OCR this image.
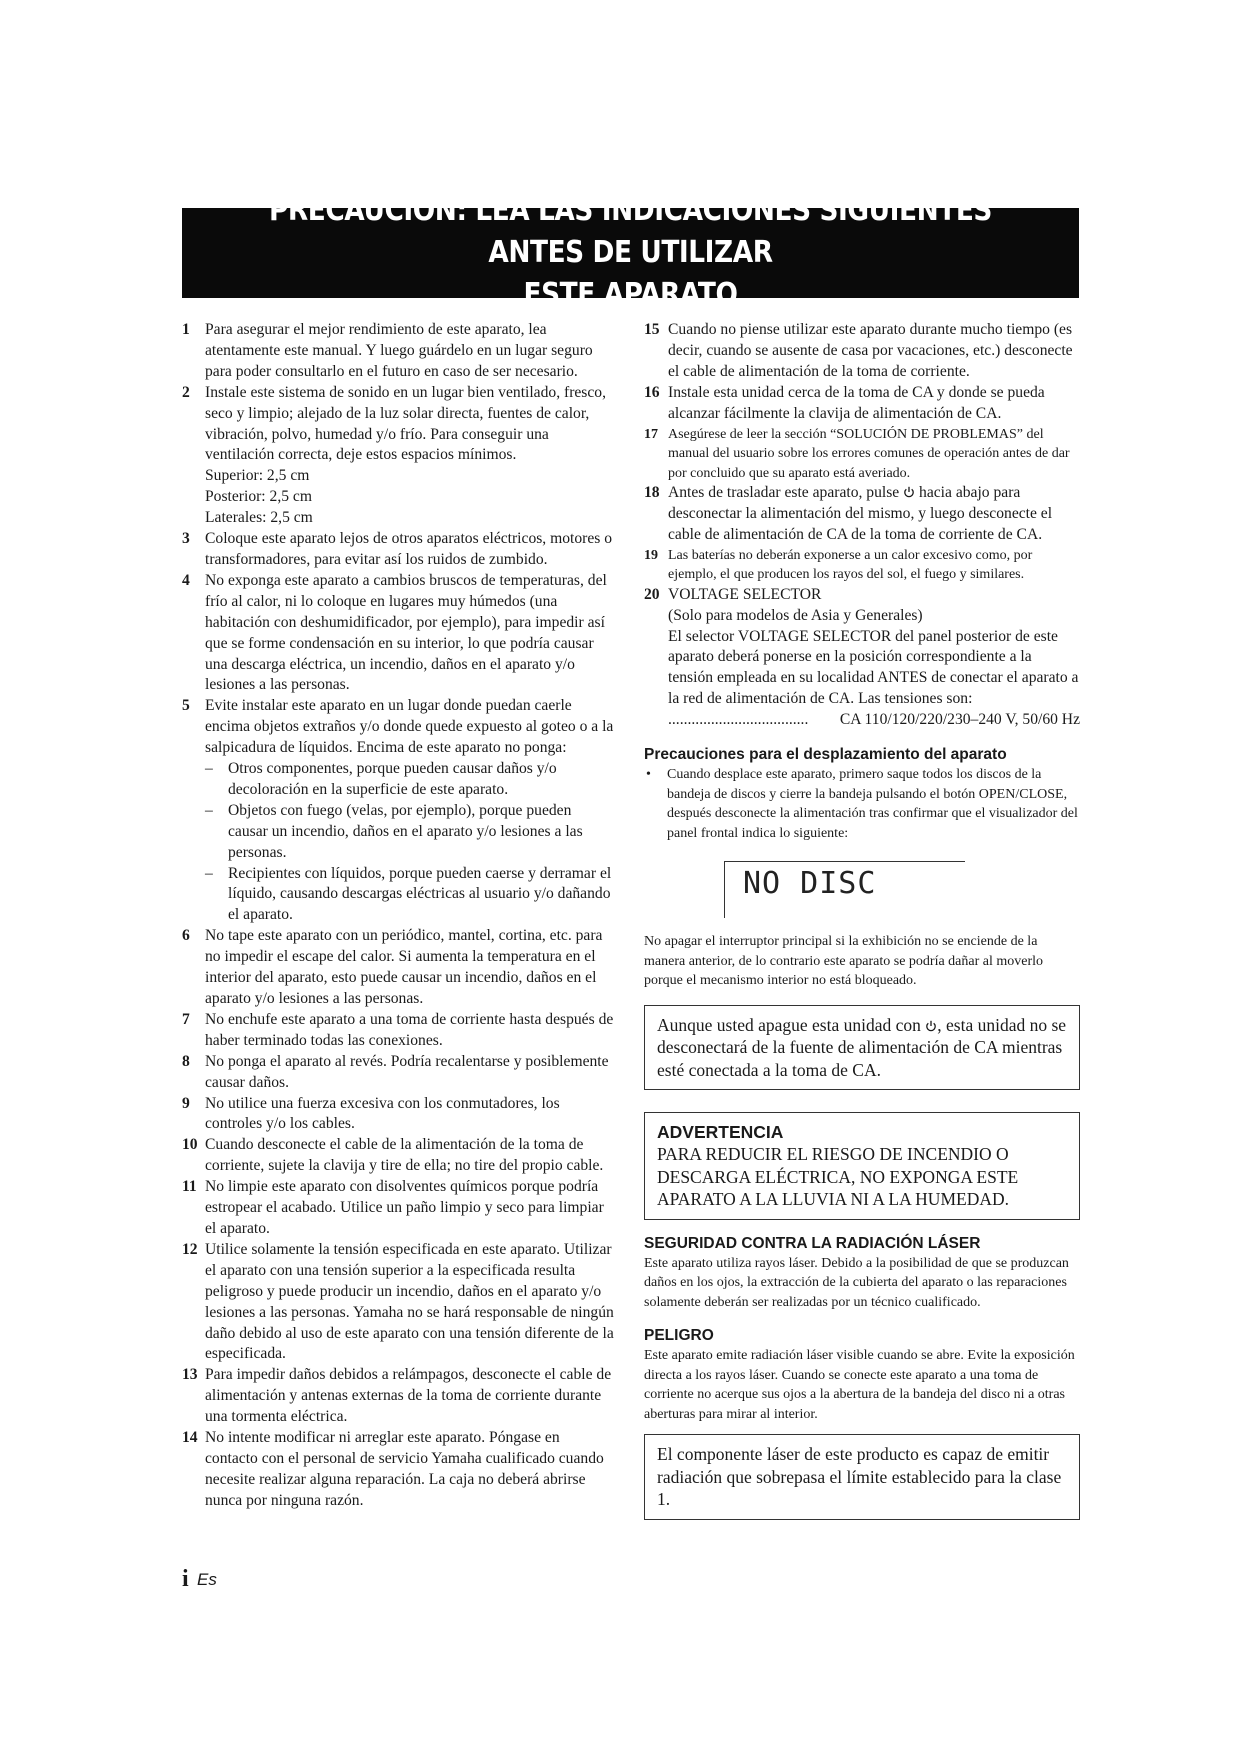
PRECAUCIÓN: LEA LAS INDICACIONES SIGUIENTES ANTES DE UTILIZAR
ESTE APARATO
1 Para asegurar el mejor rendimiento de este aparato, lea atentamente este manual. Y luego guárdelo en un lugar seguro para poder consultarlo en el futuro en caso de ser necesario.
2 Instale este sistema de sonido en un lugar bien ventilado, fresco, seco y limpio; alejado de la luz solar directa, fuentes de calor, vibración, polvo, humedad y/o frío. Para conseguir una ventilación correcta, deje estos espacios mínimos.
Superior: 2,5 cm
Posterior: 2,5 cm
Laterales: 2,5 cm
3 Coloque este aparato lejos de otros aparatos eléctricos, motores o transformadores, para evitar así los ruidos de zumbido.
4 No exponga este aparato a cambios bruscos de temperaturas, del frío al calor, ni lo coloque en lugares muy húmedos (una habitación con deshumidificador, por ejemplo), para impedir así que se forme condensación en su interior, lo que podría causar una descarga eléctrica, un incendio, daños en el aparato y/o lesiones a las personas.
5 Evite instalar este aparato en un lugar donde puedan caerle encima objetos extraños y/o donde quede expuesto al goteo o a la salpicadura de líquidos. Encima de este aparato no ponga:
– Otros componentes, porque pueden causar daños y/o decoloración en la superficie de este aparato.
– Objetos con fuego (velas, por ejemplo), porque pueden causar un incendio, daños en el aparato y/o lesiones a las personas.
– Recipientes con líquidos, porque pueden caerse y derramar el líquido, causando descargas eléctricas al usuario y/o dañando el aparato.
6 No tape este aparato con un periódico, mantel, cortina, etc. para no impedir el escape del calor. Si aumenta la temperatura en el interior del aparato, esto puede causar un incendio, daños en el aparato y/o lesiones a las personas.
7 No enchufe este aparato a una toma de corriente hasta después de haber terminado todas las conexiones.
8 No ponga el aparato al revés. Podría recalentarse y posiblemente causar daños.
9 No utilice una fuerza excesiva con los conmutadores, los controles y/o los cables.
10 Cuando desconecte el cable de la alimentación de la toma de corriente, sujete la clavija y tire de ella; no tire del propio cable.
11 No limpie este aparato con disolventes químicos porque podría estropear el acabado. Utilice un paño limpio y seco para limpiar el aparato.
12 Utilice solamente la tensión especificada en este aparato. Utilizar el aparato con una tensión superior a la especificada resulta peligroso y puede producir un incendio, daños en el aparato y/o lesiones a las personas. Yamaha no se hará responsable de ningún daño debido al uso de este aparato con una tensión diferente de la especificada.
13 Para impedir daños debidos a relámpagos, desconecte el cable de alimentación y antenas externas de la toma de corriente durante una tormenta eléctrica.
14 No intente modificar ni arreglar este aparato. Póngase en contacto con el personal de servicio Yamaha cualificado cuando necesite realizar alguna reparación. La caja no deberá abrirse nunca por ninguna razón.
15 Cuando no piense utilizar este aparato durante mucho tiempo (es decir, cuando se ausente de casa por vacaciones, etc.) desconecte el cable de alimentación de la toma de corriente.
16 Instale esta unidad cerca de la toma de CA y donde se pueda alcanzar fácilmente la clavija de alimentación de CA.
17 Asegúrese de leer la sección “SOLUCIÓN DE PROBLEMAS” del manual del usuario sobre los errores comunes de operación antes de dar por concluido que su aparato está averiado.
18 Antes de trasladar este aparato, pulse hacia abajo para desconectar la alimentación del mismo, y luego desconecte el cable de alimentación de CA de la toma de corriente de CA.
19 Las baterías no deberán exponerse a un calor excesivo como, por ejemplo, el que producen los rayos del sol, el fuego y similares.
20 VOLTAGE SELECTOR
(Solo para modelos de Asia y Generales)
El selector VOLTAGE SELECTOR del panel posterior de este aparato deberá ponerse en la posición correspondiente a la tensión empleada en su localidad ANTES de conectar el aparato a la red de alimentación de CA. Las tensiones son:
....................................	CA 110/120/220/230–240 V, 50/60 Hz
Precauciones para el desplazamiento del aparato
• Cuando desplace este aparato, primero saque todos los discos de la bandeja de discos y cierre la bandeja pulsando el botón OPEN/CLOSE, después desconecte la alimentación tras confirmar que el visualizador del panel frontal indica lo siguiente:
NO DISC
No apagar el interruptor principal si la exhibición no se enciende de la manera anterior, de lo contrario este aparato se podría dañar al moverlo porque el mecanismo interior no está bloqueado.
Aunque usted apague esta unidad con , esta unidad no se desconectará de la fuente de alimentación de CA mientras esté conectada a la toma de CA.
ADVERTENCIA
PARA REDUCIR EL RIESGO DE INCENDIO O DESCARGA ELÉCTRICA, NO EXPONGA ESTE APARATO A LA LLUVIA NI A LA HUMEDAD.
SEGURIDAD CONTRA LA RADIACIÓN LÁSER
Este aparato utiliza rayos láser. Debido a la posibilidad de que se produzcan daños en los ojos, la extracción de la cubierta del aparato o las reparaciones solamente deberán ser realizadas por un técnico cualificado.
PELIGRO
Este aparato emite radiación láser visible cuando se abre. Evite la exposición directa a los rayos láser. Cuando se conecte este aparato a una toma de corriente no acerque sus ojos a la abertura de la bandeja del disco ni a otras aberturas para mirar al interior.
El componente láser de este producto es capaz de emitir radiación que sobrepasa el límite establecido para la clase 1.
i Es
